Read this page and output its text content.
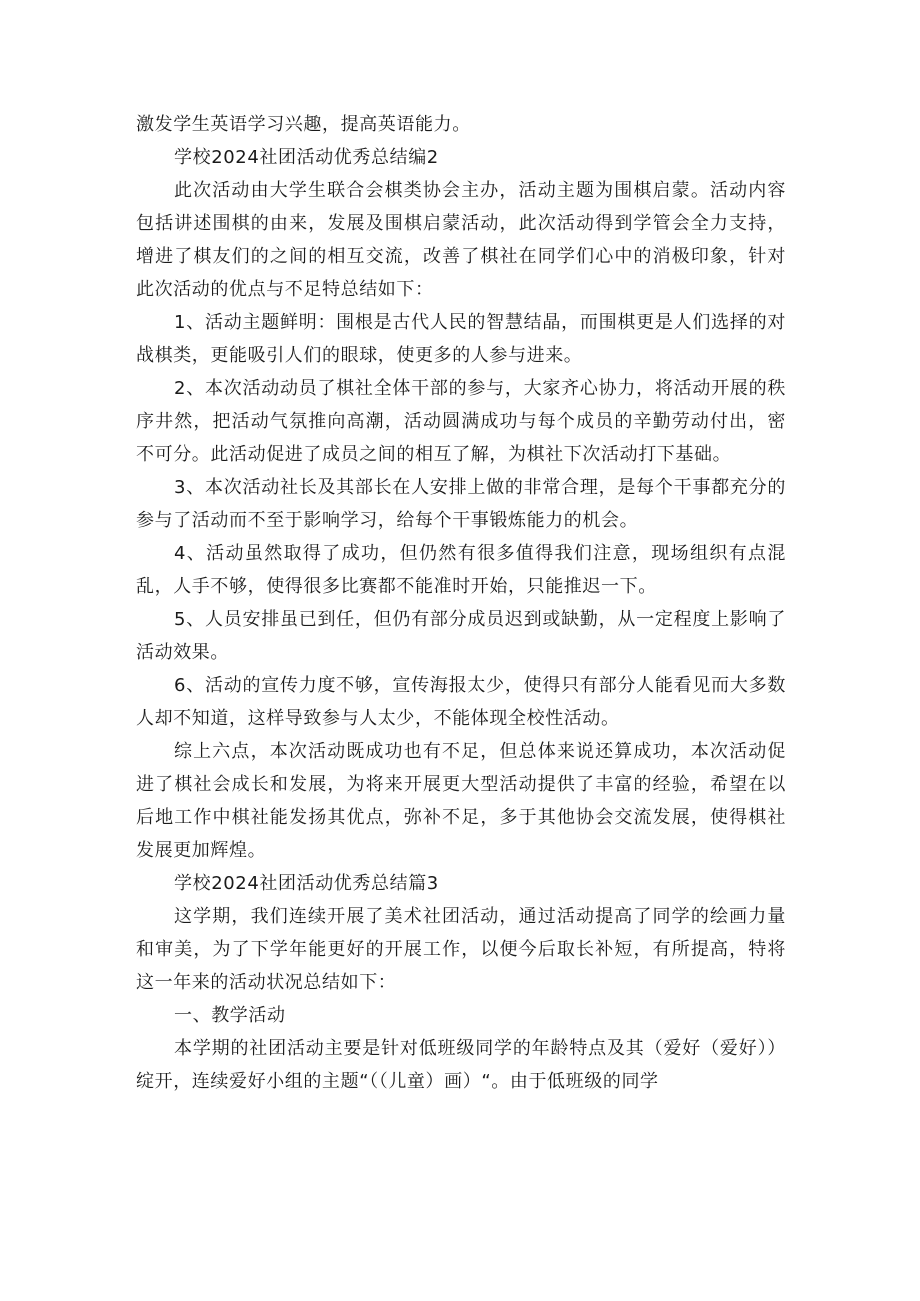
激发学生英语学习兴趣，提高英语能力。

学校2024社团活动优秀总结编2

此次活动由大学生联合会棋类协会主办，活动主题为围棋启蒙。活动内容包括讲述围棋的由来，发展及围棋启蒙活动，此次活动得到学管会全力支持，增进了棋友们的之间的相互交流，改善了棋社在同学们心中的消极印象，针对此次活动的优点与不足特总结如下：

1、活动主题鲜明：围根是古代人民的智慧结晶，而围棋更是人们选择的对战棋类，更能吸引人们的眼球，使更多的人参与进来。

2、本次活动动员了棋社全体干部的参与，大家齐心协力，将活动开展的秩序井然，把活动气氛推向高潮，活动圆满成功与每个成员的辛勤劳动付出，密不可分。此活动促进了成员之间的相互了解，为棋社下次活动打下基础。

3、本次活动社长及其部长在人安排上做的非常合理，是每个干事都充分的参与了活动而不至于影响学习，给每个干事锻炼能力的机会。

4、活动虽然取得了成功，但仍然有很多值得我们注意，现场组织有点混乱，人手不够，使得很多比赛都不能准时开始，只能推迟一下。

5、人员安排虽已到任，但仍有部分成员迟到或缺勤，从一定程度上影响了活动效果。

6、活动的宣传力度不够，宣传海报太少，使得只有部分人能看见而大多数人却不知道，这样导致参与人太少，不能体现全校性活动。

综上六点，本次活动既成功也有不足，但总体来说还算成功，本次活动促进了棋社会成长和发展，为将来开展更大型活动提供了丰富的经验，希望在以后地工作中棋社能发扬其优点，弥补不足，多于其他协会交流发展，使得棋社发展更加辉煌。

学校2024社团活动优秀总结篇3

这学期，我们连续开展了美术社团活动，通过活动提高了同学的绘画力量和审美，为了下学年能更好的开展工作，以便今后取长补短，有所提高，特将这一年来的活动状况总结如下：

一、教学活动

本学期的社团活动主要是针对低班级同学的年龄特点及其（爱好（爱好））绽开，连续爱好小组的主题“（（儿童）画）“。由于低班级的同学
